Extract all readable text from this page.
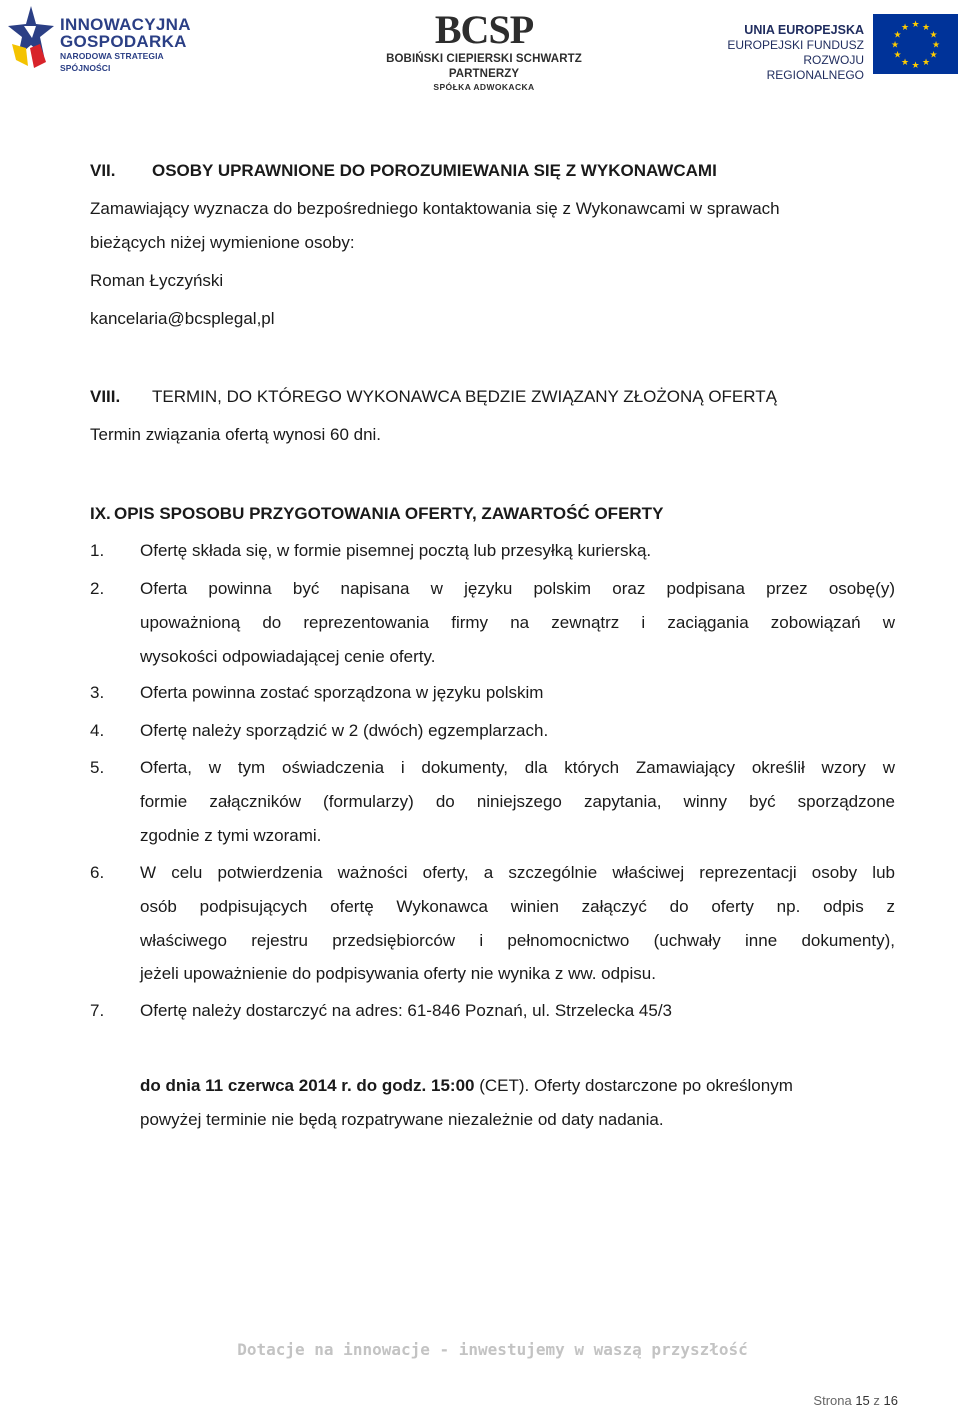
INNOWACYJNA
GOSPODARKA
NARODOWA STRATEGIA SPÓJNOŚCI
BCSP
BOBIŃSKI CIEPIERSKI SCHWARTZ PARTNERZY
SPÓŁKA ADWOKACKA
UNIA EUROPEJSKA
EUROPEJSKI FUNDUSZ
ROZWOJU REGIONALNEGO
★ ★
★
★
★
★
★
★
★
★
★
★
VII. OSOBY UPRAWNIONE DO POROZUMIEWANIA SIĘ Z WYKONAWCAMI
Zamawiający wyznacza do bezpośredniego kontaktowania się z Wykonawcami w sprawach
bieżących niżej wymienione osoby:
Roman Łyczyński
kancelaria@bcsplegal,pl
VIII. TERMIN, DO KTÓREGO WYKONAWCA BĘDZIE ZWIĄZANY ZŁOŻONĄ OFERTĄ
Termin związania ofertą wynosi 60 dni.
IX. OPIS SPOSOBU PRZYGOTOWANIA OFERTY, ZAWARTOŚĆ OFERTY
1. Ofertę składa się, w formie pisemnej pocztą lub przesyłką kurierską.
2. Oferta powinna być napisana w języku polskim oraz podpisana przez osobę(y)
upoważnioną do reprezentowania firmy na zewnątrz i zaciągania zobowiązań w
wysokości odpowiadającej cenie oferty.
3. Oferta powinna zostać sporządzona w języku polskim
4. Ofertę należy sporządzić w 2 (dwóch) egzemplarzach.
5. Oferta, w tym oświadczenia i dokumenty, dla których Zamawiający określił wzory w
formie załączników (formularzy) do niniejszego zapytania, winny być sporządzone
zgodnie z tymi wzorami.
6. W celu potwierdzenia ważności oferty, a szczególnie właściwej reprezentacji osoby lub
osób podpisujących ofertę Wykonawca winien załączyć do oferty np. odpis z
właściwego rejestru przedsiębiorców i pełnomocnictwo (uchwały inne dokumenty),
jeżeli upoważnienie do podpisywania oferty nie wynika z ww. odpisu.
7. Ofertę należy dostarczyć na adres: 61-846 Poznań, ul. Strzelecka 45/3
do dnia 11 czerwca 2014 r. do godz. 15:00 (CET). Oferty dostarczone po określonym
powyżej terminie nie będą rozpatrywane niezależnie od daty nadania.
Dotacje na innowacje - inwestujemy w waszą przyszłość
Strona 15 z 16
